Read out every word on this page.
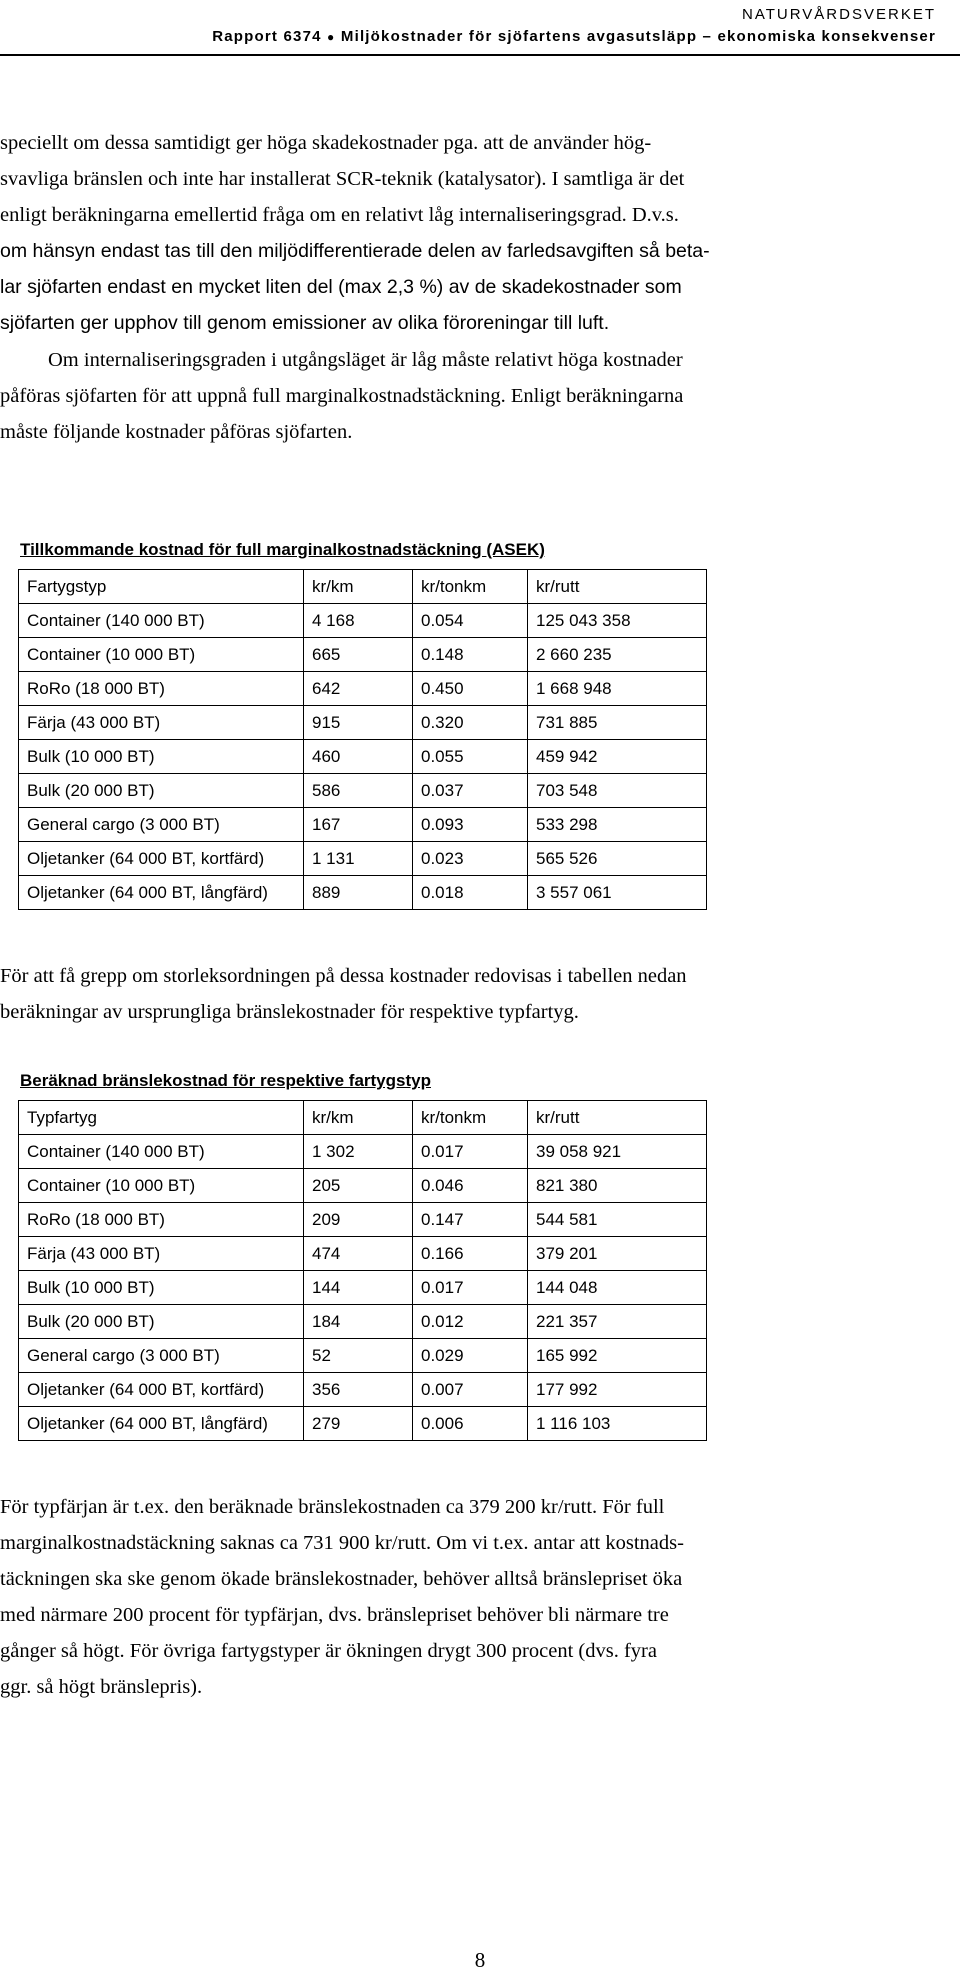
NATURVÅRDSVERKET
Rapport 6374 ● Miljökostnader för sjöfartens avgasutsläpp – ekonomiska konsekvenser
speciellt om dessa samtidigt ger höga skadekostnader pga. att de använder hög-
svavliga bränslen och inte har installerat SCR-teknik (katalysator). I samtliga är det
enligt beräkningarna emellertid fråga om en relativt låg internaliseringsgrad. D.v.s.
om hänsyn endast tas till den miljödifferentierade delen av farledsavgiften så beta-
lar sjöfarten endast en mycket liten del (max 2,3 %) av de skadekostnader som
sjöfarten ger upphov till genom emissioner av olika föroreningar till luft.
Om internaliseringsgraden i utgångsläget är låg måste relativt höga kostnader
påföras sjöfarten för att uppnå full marginalkostnadstäckning. Enligt beräkningarna
måste följande kostnader påföras sjöfarten.
Tillkommande kostnad för full marginalkostnadstäckning (ASEK)
Fartygstyp	kr/km	kr/tonkm	kr/rutt
Container (140 000 BT)	4 168	0.054	125 043 358
Container (10 000 BT)	665	0.148	2 660 235
RoRo (18 000 BT)	642	0.450	1 668 948
Färja (43 000 BT)	915	0.320	731 885
Bulk (10 000 BT)	460	0.055	459 942
Bulk (20 000 BT)	586	0.037	703 548
General cargo (3 000 BT)	167	0.093	533 298
Oljetanker (64 000 BT, kortfärd)	1 131	0.023	565 526
Oljetanker (64 000 BT, långfärd)	889	0.018	3 557 061
För att få grepp om storleksordningen på dessa kostnader redovisas i tabellen nedan
beräkningar av ursprungliga bränslekostnader för respektive typfartyg.
Beräknad bränslekostnad för respektive fartygstyp
Typfartyg	kr/km	kr/tonkm	kr/rutt
Container (140 000 BT)	1 302	0.017	39 058 921
Container (10 000 BT)	205	0.046	821 380
RoRo (18 000 BT)	209	0.147	544 581
Färja (43 000 BT)	474	0.166	379 201
Bulk (10 000 BT)	144	0.017	144 048
Bulk (20 000 BT)	184	0.012	221 357
General cargo (3 000 BT)	52	0.029	165 992
Oljetanker (64 000 BT, kortfärd)	356	0.007	177 992
Oljetanker (64 000 BT, långfärd)	279	0.006	1 116 103
För typfärjan är t.ex. den beräknade bränslekostnaden ca 379 200 kr/rutt. För full
marginalkostnadstäckning saknas ca 731 900 kr/rutt. Om vi t.ex. antar att kostnads-
täckningen ska ske genom ökade bränslekostnader, behöver alltså bränslepriset öka
med närmare 200 procent för typfärjan, dvs. bränslepriset behöver bli närmare tre
gånger så högt. För övriga fartygstyper är ökningen drygt 300 procent (dvs. fyra
ggr. så högt bränslepris).
8
